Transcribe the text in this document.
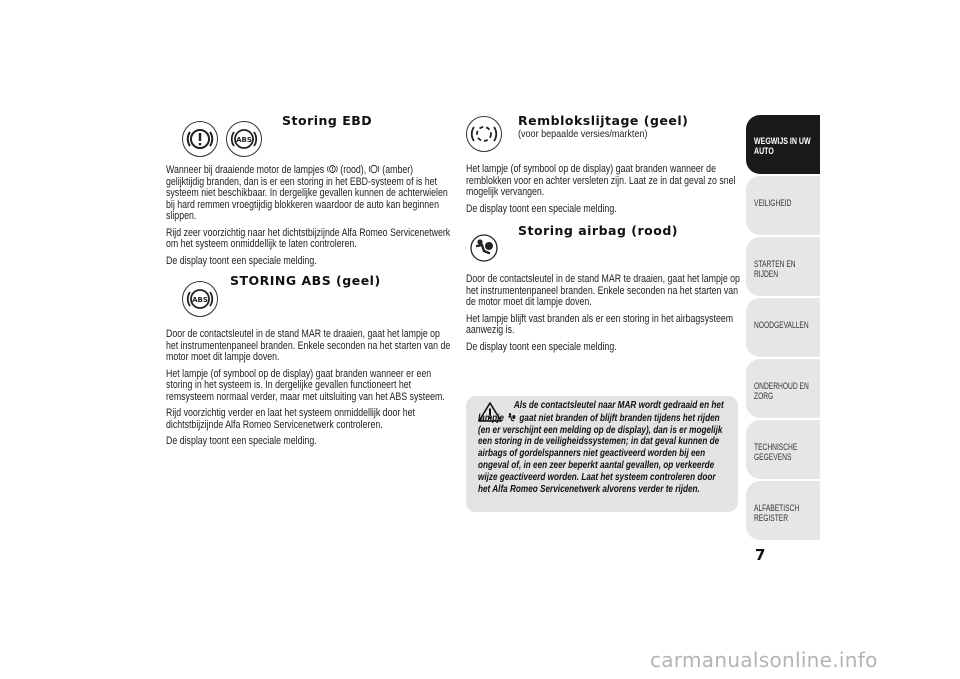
ABS
Storing EBD

Wanneer bij draaiende motor de lampjes (rood), (amber) gelijktijdig branden, dan is er een storing in het EBD-systeem of is het systeem niet beschikbaar. In dergelijke gevallen kunnen de achterwielen bij hard remmen vroegtijdig blokkeren waardoor de auto kan beginnen slippen.

Rijd zeer voorzichtig naar het dichtstbijzijnde Alfa Romeo Servicenetwerk om het systeem onmiddellijk te laten controleren.

De display toont een speciale melding.

ABS
STORING ABS (geel)

Door de contactsleutel in de stand MAR te draaien, gaat het lampje op het instrumentenpaneel branden. Enkele seconden na het starten van de motor moet dit lampje doven.

Het lampje (of symbool op de display) gaat branden wanneer er een storing in het systeem is. In dergelijke gevallen functioneert het remsysteem normaal verder, maar met uitsluiting van het ABS systeem.

Rijd voorzichtig verder en laat het systeem onmiddellijk door het dichtstbijzijnde Alfa Romeo Servicenetwerk controleren.

De display toont een speciale melding.

Remblokslijtage (geel)
(voor bepaalde versies/markten)

Het lampje (of symbool op de display) gaat branden wanneer de remblokken voor en achter versleten zijn. Laat ze in dat geval zo snel mogelijk vervangen.

De display toont een speciale melding.

Storing airbag (rood)

Door de contactsleutel in de stand MAR te draaien, gaat het lampje op het instrumentenpaneel branden. Enkele seconden na het starten van de motor moet dit lampje doven.

Het lampje blijft vast branden als er een storing in het airbagsysteem aanwezig is.

De display toont een speciale melding.

Als de contactsleutel naar MAR wordt gedraaid en het lampje gaat niet branden of blijft branden tijdens het rijden (en er verschijnt een melding op de display), dan is er mogelijk een storing in de veiligheidssystemen; in dat geval kunnen de airbags of gordelspanners niet geactiveerd worden bij een ongeval of, in een zeer beperkt aantal gevallen, op verkeerde wijze geactiveerd worden. Laat het systeem controleren door het Alfa Romeo Servicenetwerk alvorens verder te rijden.
WEGWIJS IN UW AUTO
VEILIGHEID
STARTEN EN RIJDEN
NOODGEVALLEN
ONDERHOUD EN ZORG
TECHNISCHE GEGEVENS
ALFABETISCH REGISTER
7
carmanualsonline.info
